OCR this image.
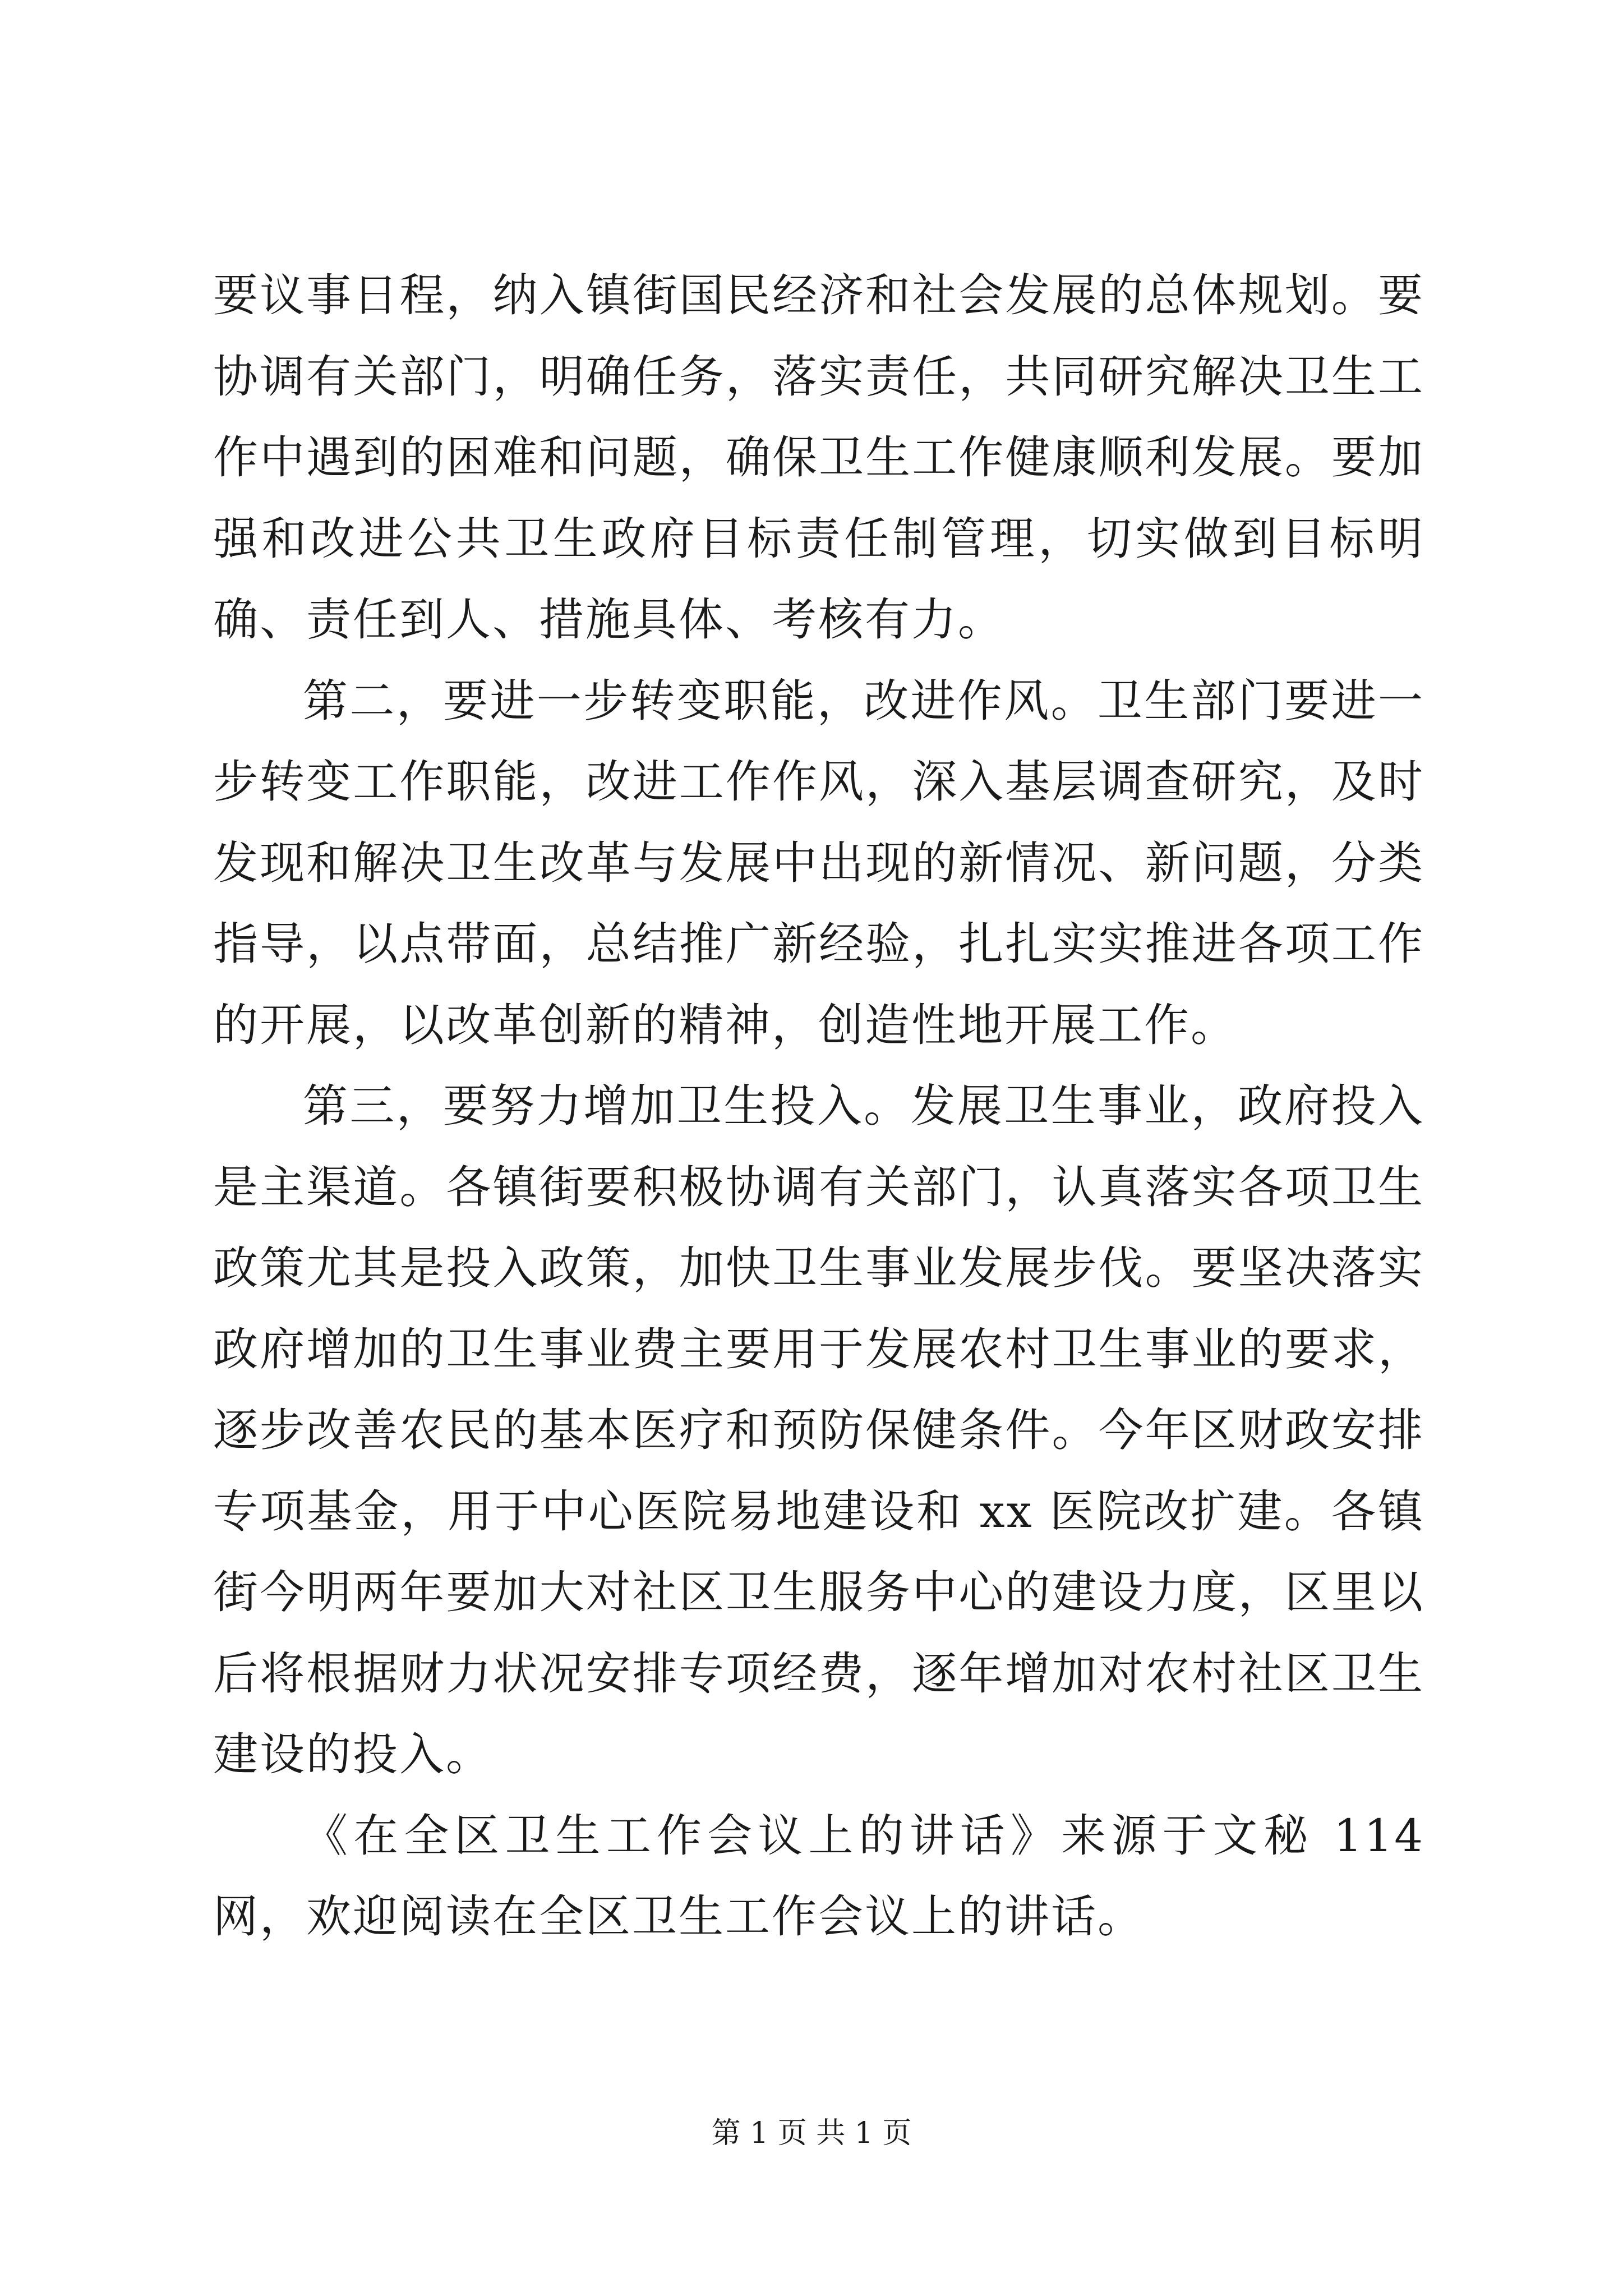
要议事日程，纳入镇街国民经济和社会发展的总体规划。要协调有关部门，明确任务，落实责任，共同研究解决卫生工作中遇到的困难和问题，确保卫生工作健康顺利发展。要加强和改进公共卫生政府目标责任制管理，切实做到目标明确、责任到人、措施具体、考核有力。

第二，要进一步转变职能，改进作风。卫生部门要进一步转变工作职能，改进工作作风，深入基层调查研究，及时发现和解决卫生改革与发展中出现的新情况、新问题，分类指导，以点带面，总结推广新经验，扎扎实实推进各项工作的开展，以改革创新的精神，创造性地开展工作。

第三，要努力增加卫生投入。发展卫生事业，政府投入是主渠道。各镇街要积极协调有关部门，认真落实各项卫生政策尤其是投入政策，加快卫生事业发展步伐。要坚决落实政府增加的卫生事业费主要用于发展农村卫生事业的要求，逐步改善农民的基本医疗和预防保健条件。今年区财政安排专项基金，用于中心医院易地建设和 xx 医院改扩建。各镇街今明两年要加大对社区卫生服务中心的建设力度，区里以后将根据财力状况安排专项经费，逐年增加对农村社区卫生建设的投入。

《在全区卫生工作会议上的讲话》来源于文秘 114 网，欢迎阅读在全区卫生工作会议上的讲话。

第 1 页 共 1 页
